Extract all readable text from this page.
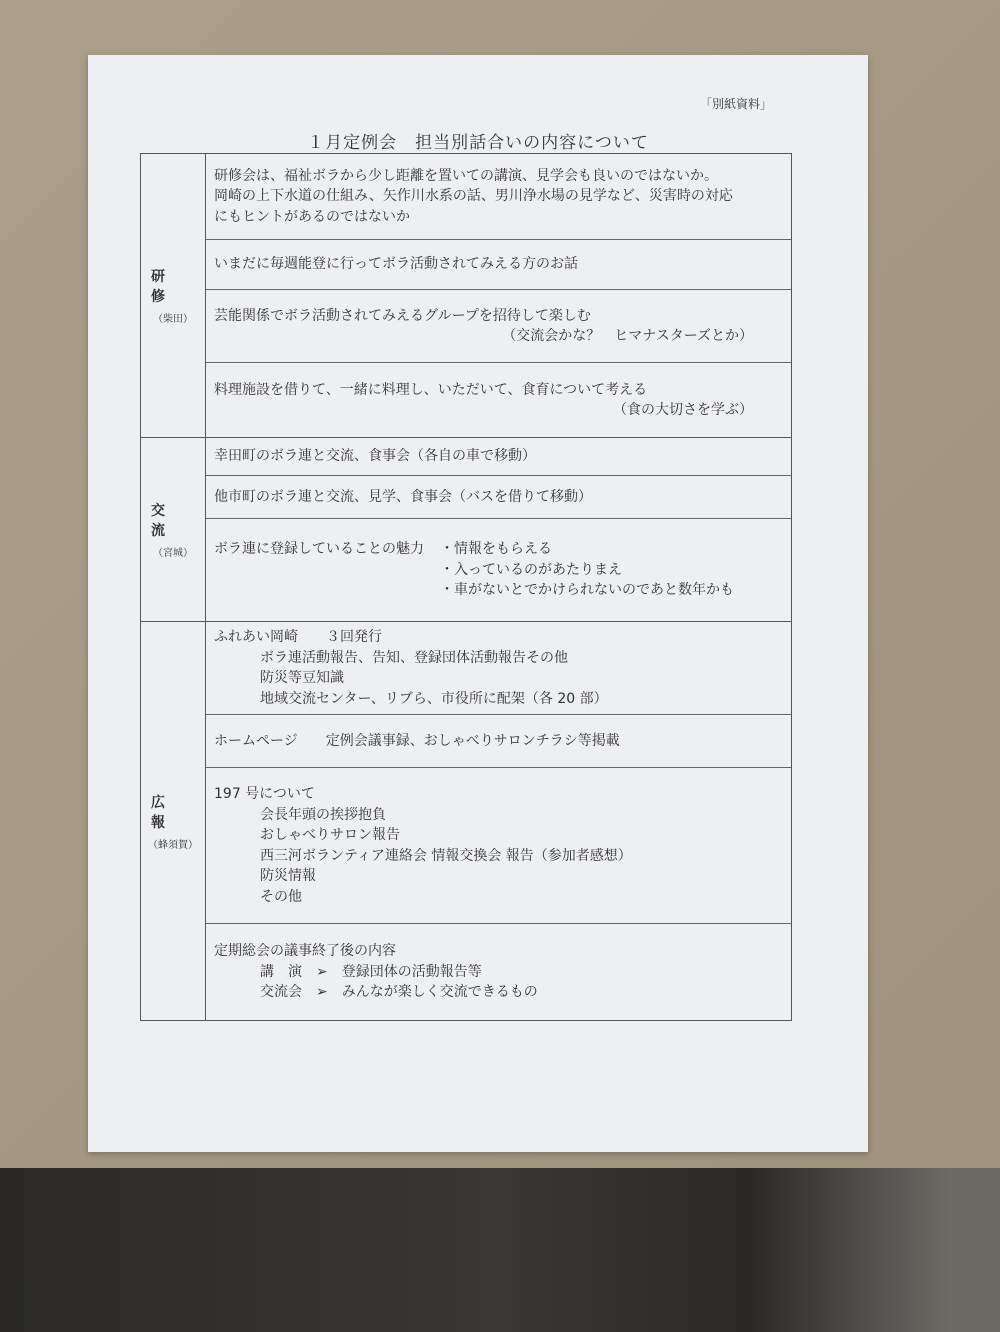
「別紙資料」
１月定例会　担当別話合いの内容について
研 修
（柴田）
研修会は、福祉ボラから少し距離を置いての講演、見学会も良いのではないか。
岡崎の上下水道の仕組み、矢作川水系の話、男川浄水場の見学など、災害時の対応
にもヒントがあるのではないか
いまだに毎週能登に行ってボラ活動されてみえる方のお話
芸能関係でボラ活動されてみえるグループを招待して楽しむ
（交流会かな？　ヒマナスターズとか）
料理施設を借りて、一緒に料理し、いただいて、食育について考える
（食の大切さを学ぶ）
交 流
（宮城）
幸田町のボラ連と交流、食事会（各自の車で移動）
他市町のボラ連と交流、見学、食事会（バスを借りて移動）
ボラ連に登録していることの魅力 ・情報をもらえる
・入っているのがあたりまえ
・車がないとでかけられないのであと数年かも
広 報
（蜂須賀）
ふれあい岡崎　　３回発行
ボラ連活動報告、告知、登録団体活動報告その他
防災等豆知識
地域交流センター、リブら、市役所に配架（各 20 部）
ホームページ　　定例会議事録、おしゃべりサロンチラシ等掲載
197 号について
会長年頭の挨拶抱負
おしゃべりサロン報告
西三河ボランティア連絡会 情報交換会 報告（参加者感想）
防災情報
その他
定期総会の議事終了後の内容
講　演　➢　登録団体の活動報告等
交流会　➢　みんなが楽しく交流できるもの
